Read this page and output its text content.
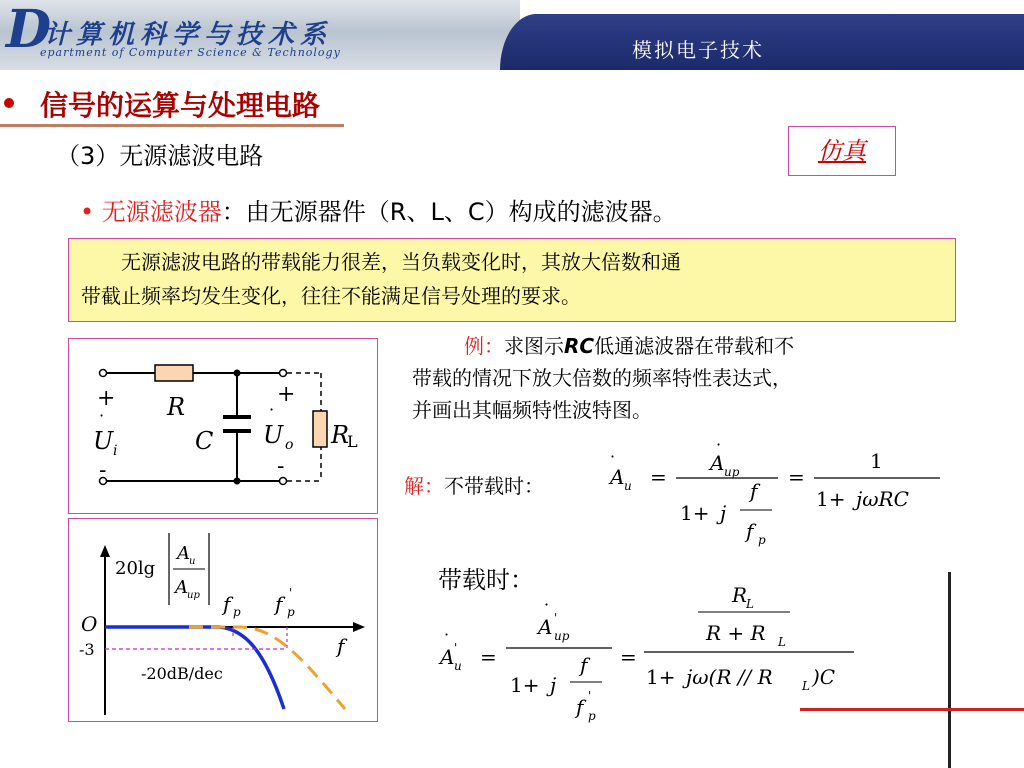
D
计算机科学与技术系
epartment of Computer Science & Technology	模拟电子技术
信号的运算与处理电路
（3）无源滤波电路	仿真
• 无源滤波器：由无源器件（R、L、C）构成的滤波器。
无源滤波电路的带载能力很差，当负载变化时，其放大倍数和通
带截止频率均发生变化，往往不能满足信号处理的要求。
+
-
+
-
R
C
·
U i
·
U o R
L
20lg
A u
A up
O
-3
-20dB/dec
f p f p
'
f
例：求图示RC低通滤波器在带载和不
带载的情况下放大倍数的频率特性表达式，
并画出其幅频特性波特图。
解：不带载时：
·
A u =
·
A up
1+ j
f
f p
=
1
1+ jωRC
带载时：
·
A '
u =
·
A '
up
1+ j
f
f '
p
=
R
L
R + R L
1+ jω(R // R L )C
